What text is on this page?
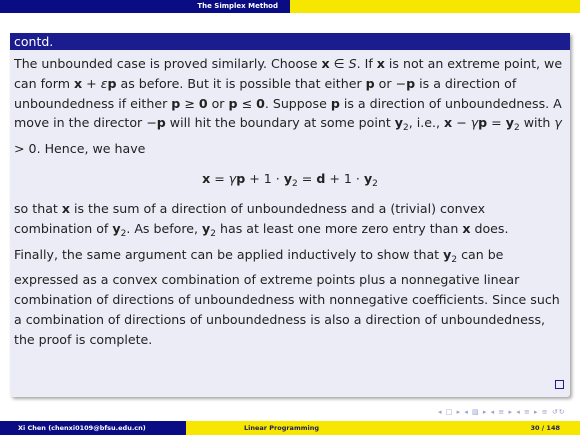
The Simplex Method
contd.

The unbounded case is proved similarly. Choose x ∈ S. If x is not an extreme point, we can form x + εp as before. But it is possible that either p or −p is a direction of unboundedness if either p ≥ 0 or p ≤ 0. Suppose p is a direction of unboundedness. A move in the director −p will hit the boundary at some point $y_2$, i.e., $x - \gamma p = y_2$ with γ > 0. Hence, we have

$x = \gamma p + 1 \cdot y_2 = d + 1 \cdot y_2$

so that x is the sum of a direction of unboundedness and a (trivial) convex combination of $y_2$. As before, $y_2$ has at least one more zero entry than x does.

Finally, the same argument can be applied inductively to show that $y_2$ can be expressed as a convex combination of extreme points plus a nonnegative linear combination of directions of unboundedness with nonnegative coefficients. Since such a combination of directions of unboundedness is also a direction of unboundedness, the proof is complete.

◂ □ ▸ ◂ ▧ ▸ ◂ ≡ ▸ ◂ ≡ ▸ ≡ ↺↻
Xi Chen (chenxi0109@bfsu.edu.cn)	Linear Programming	30 / 148
